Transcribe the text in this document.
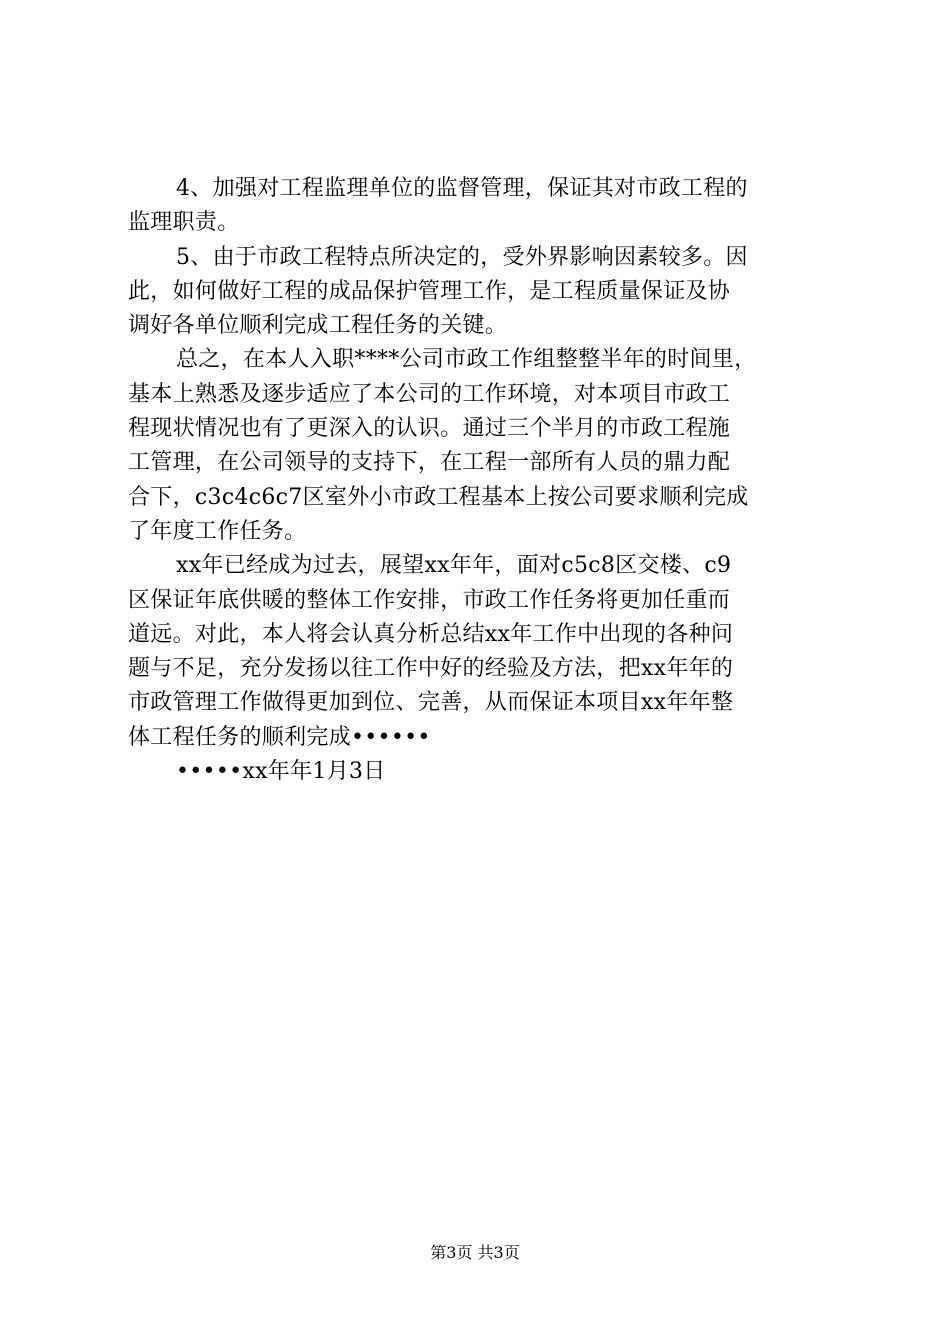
4、加强对工程监理单位的监督管理，保证其对市政工程的
监理职责。
5、由于市政工程特点所决定的，受外界影响因素较多。因
此，如何做好工程的成品保护管理工作，是工程质量保证及协
调好各单位顺利完成工程任务的关键。
总之，在本人入职****公司市政工作组整整半年的时间里，
基本上熟悉及逐步适应了本公司的工作环境，对本项目市政工
程现状情况也有了更深入的认识。通过三个半月的市政工程施
工管理，在公司领导的支持下，在工程一部所有人员的鼎力配
合下，c3c4c6c7区室外小市政工程基本上按公司要求顺利完成
了年度工作任务。
xx年已经成为过去，展望xx年年，面对c5c8区交楼、c9
区保证年底供暖的整体工作安排，市政工作任务将更加任重而
道远。对此，本人将会认真分析总结xx年工作中出现的各种问
题与不足，充分发扬以往工作中好的经验及方法，把xx年年的
市政管理工作做得更加到位、完善，从而保证本项目xx年年整
体工程任务的顺利完成••••••
•••••xx年年1月3日
第3页 共3页
